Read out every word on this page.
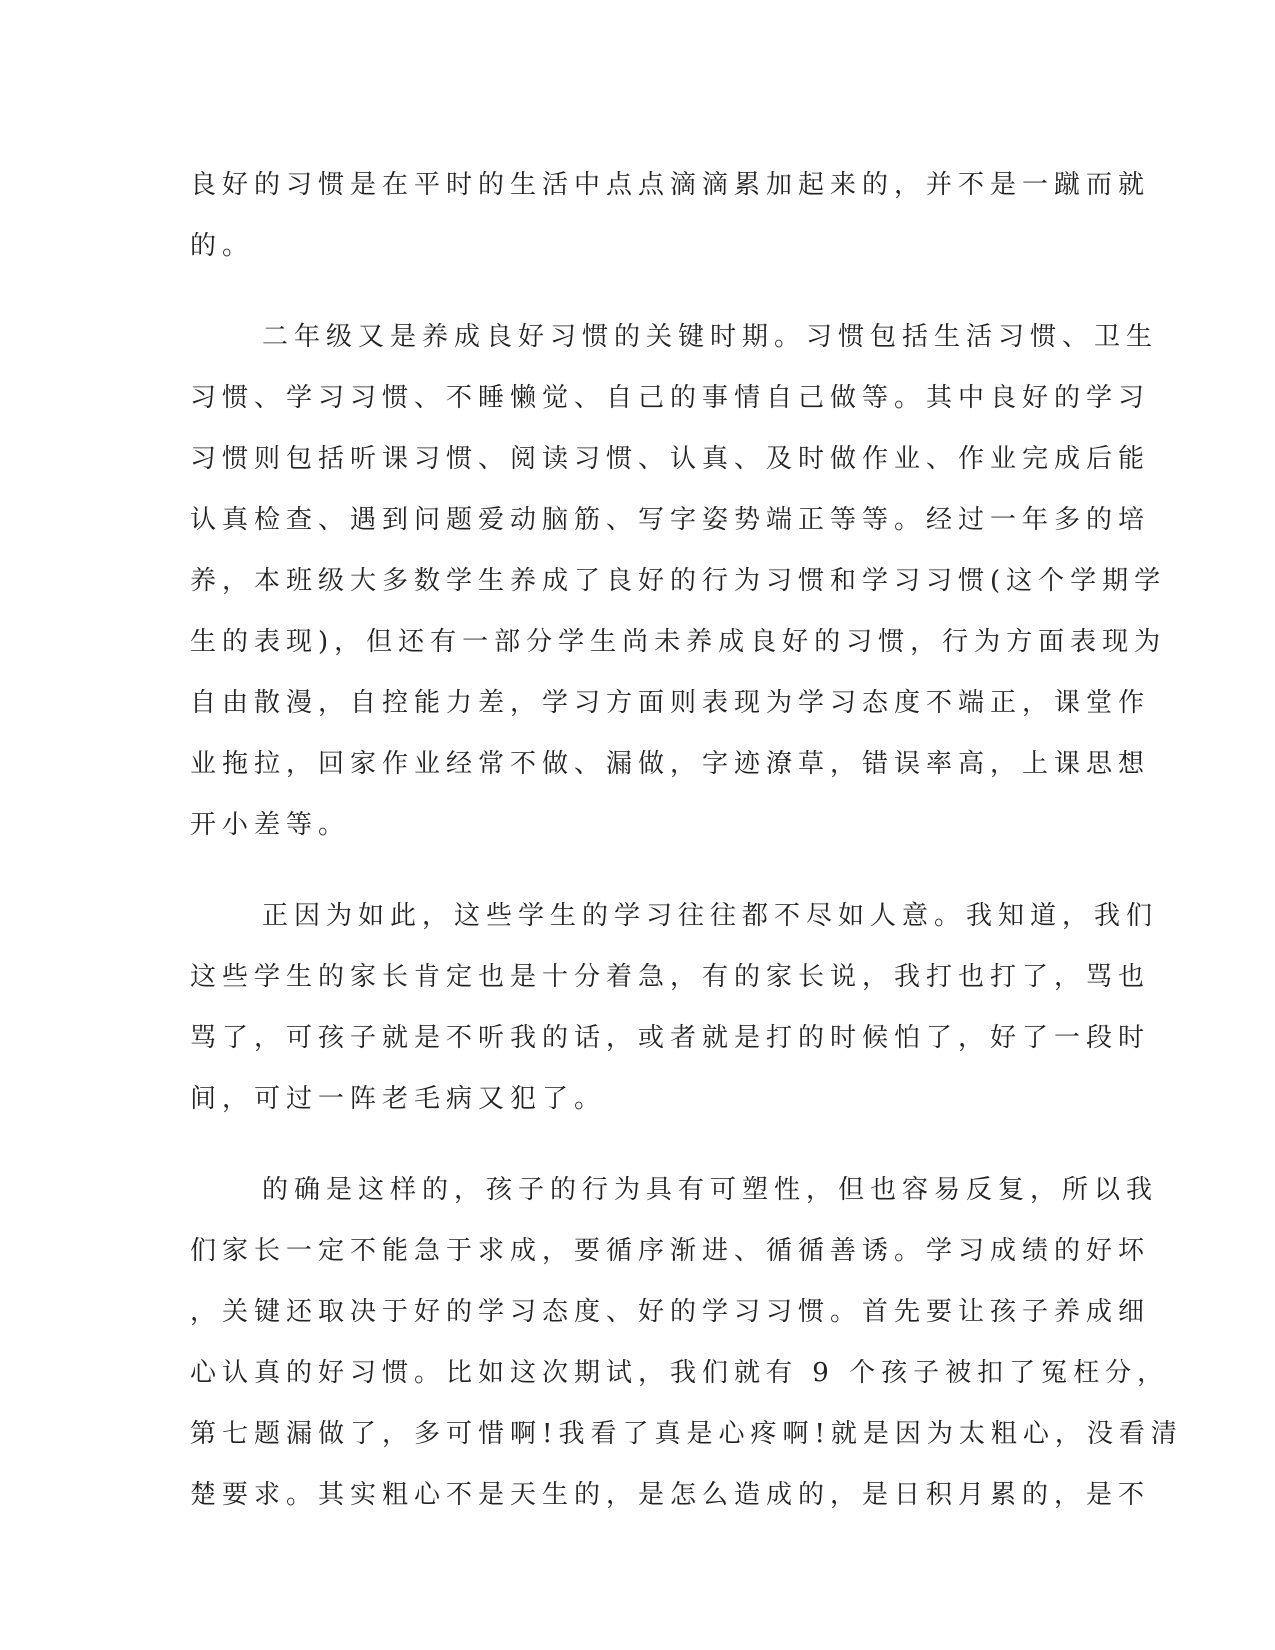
良好的习惯是在平时的生活中点点滴滴累加起来的，并不是一蹴而就
的。
二年级又是养成良好习惯的关键时期。习惯包括生活习惯、卫生
习惯、学习习惯、不睡懒觉、自己的事情自己做等。其中良好的学习
习惯则包括听课习惯、阅读习惯、认真、及时做作业、作业完成后能
认真检查、遇到问题爱动脑筋、写字姿势端正等等。经过一年多的培
养，本班级大多数学生养成了良好的行为习惯和学习习惯(这个学期学
生的表现)，但还有一部分学生尚未养成良好的习惯，行为方面表现为
自由散漫，自控能力差，学习方面则表现为学习态度不端正，课堂作
业拖拉，回家作业经常不做、漏做，字迹潦草，错误率高，上课思想
开小差等。
正因为如此，这些学生的学习往往都不尽如人意。我知道，我们
这些学生的家长肯定也是十分着急，有的家长说，我打也打了，骂也
骂了，可孩子就是不听我的话，或者就是打的时候怕了，好了一段时
间，可过一阵老毛病又犯了。
的确是这样的，孩子的行为具有可塑性，但也容易反复，所以我
们家长一定不能急于求成，要循序渐进、循循善诱。学习成绩的好坏
，关键还取决于好的学习态度、好的学习习惯。首先要让孩子养成细
心认真的好习惯。比如这次期试，我们就有 9 个孩子被扣了冤枉分，
第七题漏做了，多可惜啊!我看了真是心疼啊!就是因为太粗心，没看清
楚要求。其实粗心不是天生的，是怎么造成的，是日积月累的，是不
